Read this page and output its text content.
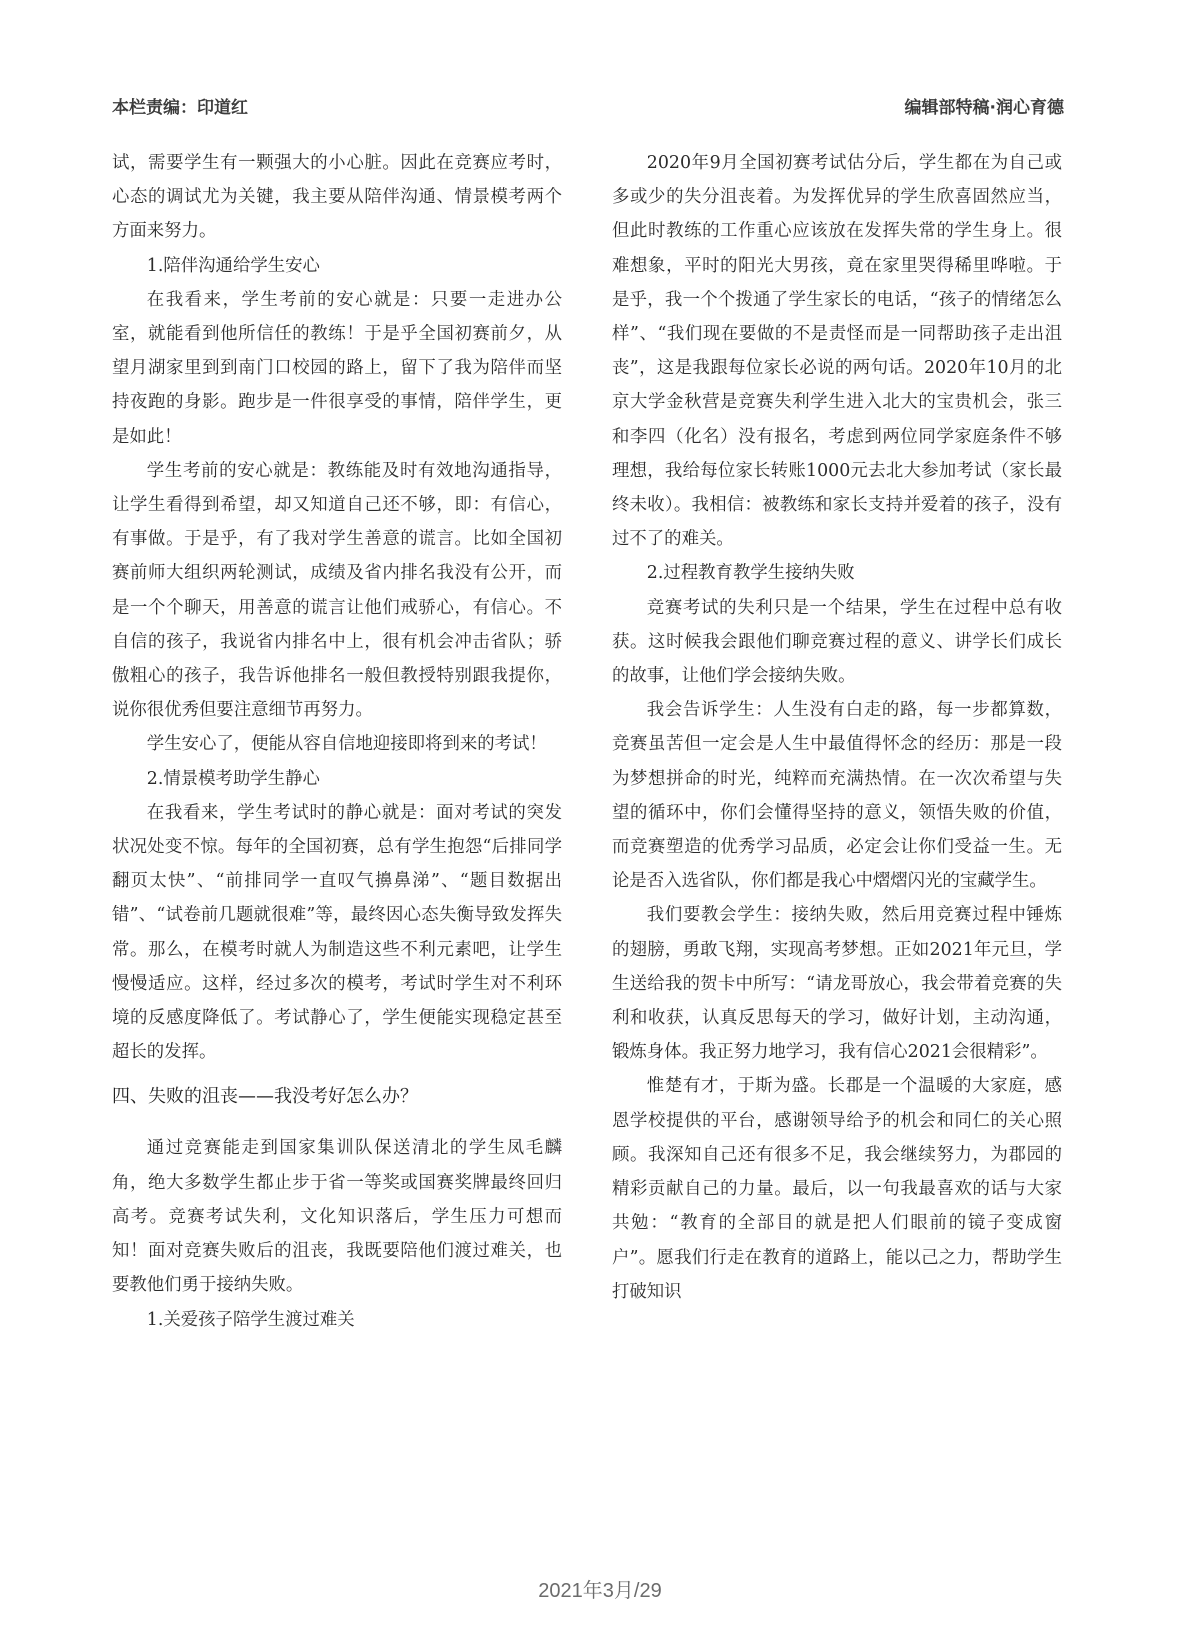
本栏责编：印道红	编辑部特稿·润心育德

试，需要学生有一颗强大的小心脏。因此在竞赛应考时，心态的调试尤为关键，我主要从陪伴沟通、情景模考两个方面来努力。

1.陪伴沟通给学生安心

在我看来，学生考前的安心就是：只要一走进办公室，就能看到他所信任的教练！于是乎全国初赛前夕，从望月湖家里到到南门口校园的路上，留下了我为陪伴而坚持夜跑的身影。跑步是一件很享受的事情，陪伴学生，更是如此！

学生考前的安心就是：教练能及时有效地沟通指导，让学生看得到希望，却又知道自己还不够，即：有信心，有事做。于是乎，有了我对学生善意的谎言。比如全国初赛前师大组织两轮测试，成绩及省内排名我没有公开，而是一个个聊天，用善意的谎言让他们戒骄心，有信心。不自信的孩子，我说省内排名中上，很有机会冲击省队；骄傲粗心的孩子，我告诉他排名一般但教授特别跟我提你，说你很优秀但要注意细节再努力。

学生安心了，便能从容自信地迎接即将到来的考试！

2.情景模考助学生静心

在我看来，学生考试时的静心就是：面对考试的突发状况处变不惊。每年的全国初赛，总有学生抱怨“后排同学翻页太快”、“前排同学一直叹气擤鼻涕”、“题目数据出错”、“试卷前几题就很难”等，最终因心态失衡导致发挥失常。那么，在模考时就人为制造这些不利元素吧，让学生慢慢适应。这样，经过多次的模考，考试时学生对不利环境的反感度降低了。考试静心了，学生便能实现稳定甚至超长的发挥。

四、失败的沮丧——我没考好怎么办？

通过竞赛能走到国家集训队保送清北的学生凤毛麟角，绝大多数学生都止步于省一等奖或国赛奖牌最终回归高考。竞赛考试失利，文化知识落后，学生压力可想而知！面对竞赛失败后的沮丧，我既要陪他们渡过难关，也要教他们勇于接纳失败。

1.关爱孩子陪学生渡过难关

2020年9月全国初赛考试估分后，学生都在为自己或多或少的失分沮丧着。为发挥优异的学生欣喜固然应当，但此时教练的工作重心应该放在发挥失常的学生身上。很难想象，平时的阳光大男孩，竟在家里哭得稀里哗啦。于是乎，我一个个拨通了学生家长的电话，“孩子的情绪怎么样”、“我们现在要做的不是责怪而是一同帮助孩子走出沮丧”，这是我跟每位家长必说的两句话。2020年10月的北京大学金秋营是竞赛失利学生进入北大的宝贵机会，张三和李四（化名）没有报名，考虑到两位同学家庭条件不够理想，我给每位家长转账1000元去北大参加考试（家长最终未收）。我相信：被教练和家长支持并爱着的孩子，没有过不了的难关。

2.过程教育教学生接纳失败

竞赛考试的失利只是一个结果，学生在过程中总有收获。这时候我会跟他们聊竞赛过程的意义、讲学长们成长的故事，让他们学会接纳失败。

我会告诉学生：人生没有白走的路，每一步都算数，竞赛虽苦但一定会是人生中最值得怀念的经历：那是一段为梦想拼命的时光，纯粹而充满热情。在一次次希望与失望的循环中，你们会懂得坚持的意义，领悟失败的价值，而竞赛塑造的优秀学习品质，必定会让你们受益一生。无论是否入选省队，你们都是我心中熠熠闪光的宝藏学生。

我们要教会学生：接纳失败，然后用竞赛过程中锤炼的翅膀，勇敢飞翔，实现高考梦想。正如2021年元旦，学生送给我的贺卡中所写：“请龙哥放心，我会带着竞赛的失利和收获，认真反思每天的学习，做好计划，主动沟通，锻炼身体。我正努力地学习，我有信心2021会很精彩”。

惟楚有才，于斯为盛。长郡是一个温暖的大家庭，感恩学校提供的平台，感谢领导给予的机会和同仁的关心照顾。我深知自己还有很多不足，我会继续努力，为郡园的精彩贡献自己的力量。最后，以一句我最喜欢的话与大家共勉：“教育的全部目的就是把人们眼前的镜子变成窗户”。愿我们行走在教育的道路上，能以己之力，帮助学生打破知识

2021年3月/29
